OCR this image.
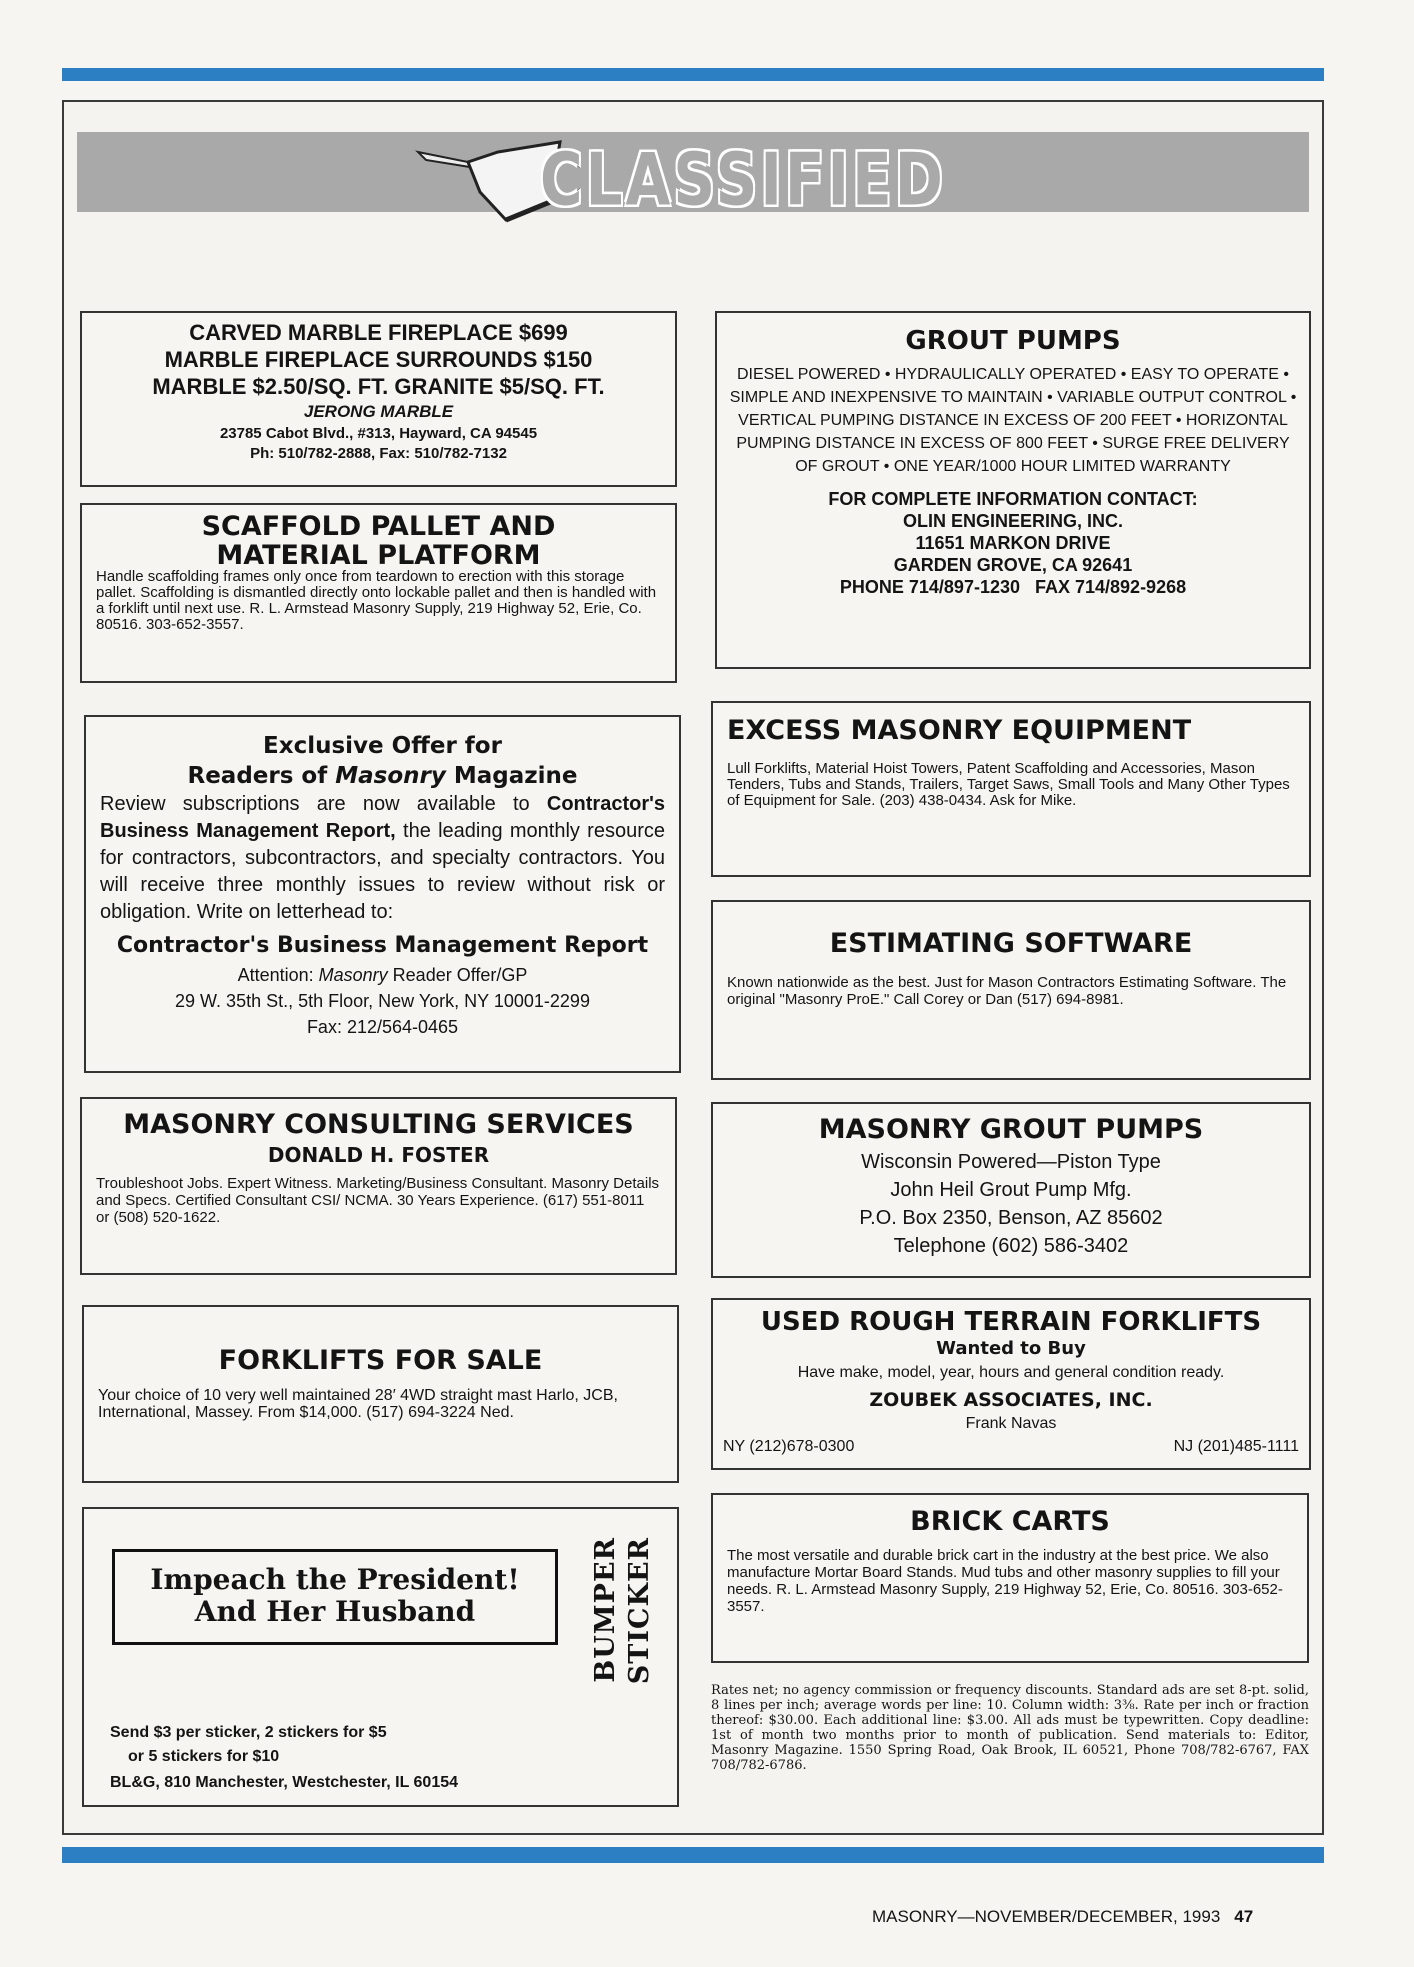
CLASSIFIED

CARVED MARBLE FIREPLACE $699

MARBLE FIREPLACE SURROUNDS $150

MARBLE $2.50/SQ. FT. GRANITE $5/SQ. FT.

JERONG MARBLE

23785 Cabot Blvd., #313, Hayward, CA 94545

Ph: 510/782-2888, Fax: 510/782-7132

SCAFFOLD PALLET AND

MATERIAL PLATFORM

Handle scaffolding frames only once from teardown to erection with this storage pallet. Scaffolding is dismantled directly onto lockable pallet and then is handled with a forklift until next use. R. L. Armstead Masonry Supply, 219 Highway 52, Erie, Co. 80516. 303-652-3557.

Exclusive Offer for

Readers of Masonry Magazine

Review subscriptions are now available to Contractor's Business Management Report, the leading monthly resource for contractors, subcontractors, and specialty contractors. You will receive three monthly issues to review without risk or obligation. Write on letterhead to:

Contractor's Business Management Report

Attention: Masonry Reader Offer/GP

29 W. 35th St., 5th Floor, New York, NY 10001-2299

Fax: 212/564-0465

MASONRY CONSULTING SERVICES

DONALD H. FOSTER

Troubleshoot Jobs. Expert Witness. Marketing/Business Consultant. Masonry Details and Specs. Certified Consultant CSI/ NCMA. 30 Years Experience. (617) 551-8011 or (508) 520-1622.

FORKLIFTS FOR SALE

Your choice of 10 very well maintained 28′ 4WD straight mast Harlo, JCB, International, Massey. From $14,000. (517) 694-3224 Ned.

Impeach the President!

And Her Husband	BUMPER STICKER

Send $3 per sticker, 2 stickers for $5

or 5 stickers for $10

BL&G, 810 Manchester, Westchester, IL 60154

GROUT PUMPS

DIESEL POWERED • HYDRAULICALLY OPERATED • EASY TO OPERATE • SIMPLE AND INEXPENSIVE TO MAINTAIN • VARIABLE OUTPUT CONTROL • VERTICAL PUMPING DISTANCE IN EXCESS OF 200 FEET • HORIZONTAL PUMPING DISTANCE IN EXCESS OF 800 FEET • SURGE FREE DELIVERY OF GROUT • ONE YEAR/1000 HOUR LIMITED WARRANTY

FOR COMPLETE INFORMATION CONTACT:

OLIN ENGINEERING, INC.

11651 MARKON DRIVE

GARDEN GROVE, CA 92641

PHONE 714/897-1230   FAX 714/892-9268

EXCESS MASONRY EQUIPMENT

Lull Forklifts, Material Hoist Towers, Patent Scaffolding and Accessories, Mason Tenders, Tubs and Stands, Trailers, Target Saws, Small Tools and Many Other Types of Equipment for Sale. (203) 438-0434. Ask for Mike.

ESTIMATING SOFTWARE

Known nationwide as the best. Just for Mason Contractors Estimating Software. The original "Masonry ProE." Call Corey or Dan (517) 694-8981.

MASONRY GROUT PUMPS

Wisconsin Powered—Piston Type

John Heil Grout Pump Mfg.

P.O. Box 2350, Benson, AZ 85602

Telephone (602) 586-3402

USED ROUGH TERRAIN FORKLIFTS

Wanted to Buy

Have make, model, year, hours and general condition ready.

ZOUBEK ASSOCIATES, INC.

Frank Navas

NY (212)678-0300	NJ (201)485-1111

BRICK CARTS

The most versatile and durable brick cart in the industry at the best price. We also manufacture Mortar Board Stands. Mud tubs and other masonry supplies to fill your needs. R. L. Armstead Masonry Supply, 219 Highway 52, Erie, Co. 80516. 303-652-3557.

Rates net; no agency commission or frequency discounts. Standard ads are set 8-pt. solid, 8 lines per inch; average words per line: 10. Column width: 3⅜. Rate per inch or fraction thereof: $30.00. Each additional line: $3.00. All ads must be typewritten. Copy deadline: 1st of month two months prior to month of publication. Send materials to: Editor, Masonry Magazine. 1550 Spring Road, Oak Brook, IL 60521, Phone 708/782-6767, FAX 708/782-6786.

MASONRY—NOVEMBER/DECEMBER, 1993 47
